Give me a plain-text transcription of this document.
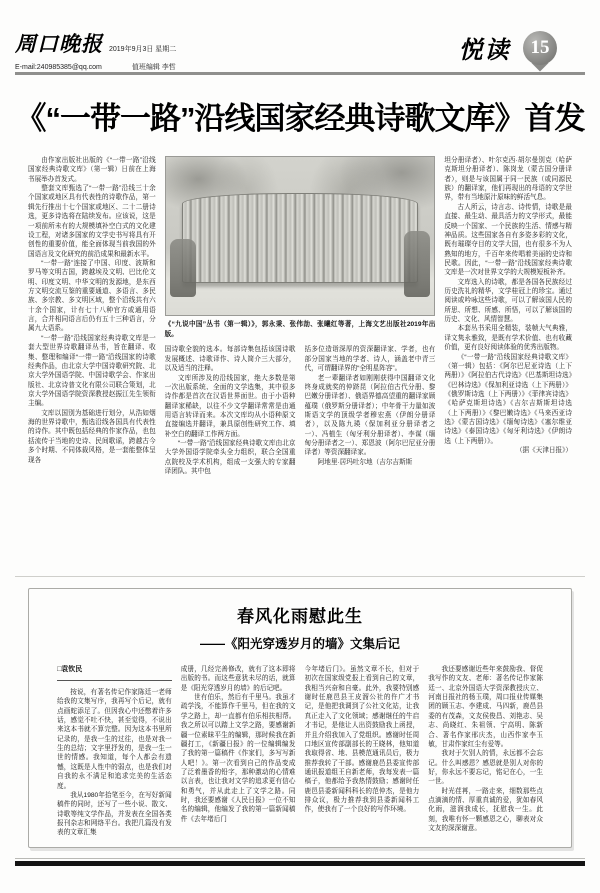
周口晚报 2019年9月3日 星期二
E-mail:240985385@qq.com	值班编辑 李哲
悦读	15
《“一带一路”沿线国家经典诗歌文库》首发

由作家出版社出版的《“一带一路”沿线国家经典诗歌文库》（第一辑）日前在上海书展举办首发式。

整套文库甄选了“一带一路”沿线三十余个国家或地区具有代表性的诗歌作品，第一辑先行推出十七个国家或地区、二十二册诗选，更多诗选将在陆续发布。应该说，这是一项前所未有的大规模填补空白式的文化建设工程，对诸多国家的文学史书写将具有开创性的重要价值，能全面体现当前我国的外国语言及文化研究的前沿成果和最新水平。

“一带一路”连接了中国、印度、波斯和罗马等文明古国，跨越埃及文明、巴比伦文明、印度文明、中华文明的发源地，是东西方文明交流互鉴的重要通道、多语言、多民族、多宗教、多文明区域，整个沿线共有六十余个国家，计有七十八种官方或通用语言，合并相同语言后仍有五十三种语言，分属九大语系。

“一带一路”沿线国家经典诗歌文库是一套大型世界诗歌翻译丛书，旨在翻译、收集、整理和编译“一带一路”沿线国家的诗歌经典作品，由北京大学中国诗歌研究院、北京大学外国语学院、中国诗歌学会、作家出版社、北京诗普文化有限公司联合策划，北京大学外国语学院资深教授赵振江先生领衔主编。

文库以国别为基础进行划分，从浩如烟海的世界诗歌中，甄选沿线各国具有代表性的诗作。其中既包括经典的作家作品，也包括流传于当地的史诗、民间歌谣，跨越古今多个时期、不同体裁风格，是一套能整体呈现各

《“九说中国”丛书（第一辑）》，郭永秉、张伟劼、张曦红等著，上海文艺出版社2019年出版。

国诗歌全貌的选本。每部诗集包括该国诗歌发展概述、诗歌译作、诗人简介三大部分，以及适当的注释。

文库所涉及的沿线国家，绝大多数是第一次出版系统、全面的文学选集，其中很多诗作都是首次在汉语世界面世。由于小语种翻译家稀缺，以往不少文学翻译常常是由通用语言转译而来。本次文库均从小语种原文直接编选并翻译，兼具原创性研究工作、填补空白的翻译工作两方面。

“一带一路”沿线国家经典诗歌文库由北京大学外国语学院牵头全力组织，联合全国重点院校及学术机构，组成一支强大的专家翻译团队。其中包

括多位造诣深厚的资深翻译家、学者，也有部分国家当地的学者、诗人，涵盖老中青三代，可谓翻译界的“全明星阵容”。

老一辈翻译者如刚刚获得中国翻译文化终身成就奖的仲跻昆（阿拉伯古代分册、黎巴嫩分册译者）、俄语界德高望重的翻译家顾蕴璞（俄罗斯分册译者）；中年骨干力量如波斯语文学的顶级学者穆宏燕（伊朗分册译者），以及陈九瑛（保加利亚分册译者之一）、冯植生（匈牙利分册译者）、李谋（缅甸分册译者之一）、郑恩波（阿尔巴尼亚分册译者）等资深翻译家。

阿地里·居玛吐尔地（吉尔吉斯斯

坦分册译者）、叶尔克西·胡尔曼别克（哈萨克斯坦分册译者）、陈岗龙（蒙古国分册译者），则是与该国属于同一民族（或同源民族）的翻译家，他们再现出的母语的文学世界，带有当地原汁原味的鲜活气息。

古人所云，诗言志、诗传情，诗歌是最直接、最生动、最具活力的文学形式，最能反映一个国家、一个民族的生活、情感与精神品质。这些国家各自有多姿多彩的文化，既有璀璨夺目的文学大国，也有很多不为人熟知的地方，千百年来传唱着美丽的史诗和民歌。因此，“一带一路”沿线国家经典诗歌文库是一次对世界文学的大规模短板补齐。

文库选入的诗歌，都是各国各民族经过历史洗礼的精华，文学桂冠上的珍宝。通过阅读或吟咏这些诗歌，可以了解该国人民的所思、所想、所感、所悟，可以了解该国的历史、文化、风情智慧。

本套丛书采用全精装，装帧大气典雅，译文隽永雅致，是既有学术价值、也有收藏价值，更有良好阅读体验的优秀出版物。

《“一带一路”沿线国家经典诗歌文库》（第一辑）包括：《阿尔巴尼亚诗选（上下两册）》《阿拉伯古代诗选》《巴基斯坦诗选》《巴林诗选》《保加利亚诗选（上下两册）》《俄罗斯诗选（上下两册）》《菲律宾诗选》《哈萨克斯坦诗选》《吉尔吉斯斯坦诗选（上下两册）》《黎巴嫩诗选》《马来西亚诗选》《蒙古国诗选》《缅甸诗选》《塞尔维亚诗选》《泰国诗选》《匈牙利诗选》《伊朗诗选（上下两册）》。

（据《天津日报》）

春风化雨慰此生
——《阳光穿透岁月的墙》文集后记
□袁钦民

按说，有著名传记作家陈廷一老师给我的文集写序，我再写个后记，就有点画蛇添足了。但因我心中还憋着许多话，感觉不吐不快，甚至觉得，不说出来这本书就不算完整。因为这本书里所记录的，是我一生的过往，也是对我一生的总结；文字里抒发的，是我一生一世的情感。我知道，每个人都会有遗憾，这既是人性中的弱点，也是我们对自我的永不满足和追求完美的生活态度。

我从1980年拾笔至今，在写好新闻稿件的同时，还写了一些小说、散文、诗歌等纯文学作品，并发表在全国各类报刊杂志和网络平台。我把几篇没有发表的文章汇集

成册，几经完善修改，就有了这本即将出版的书。而这些意犹未尽的话，就算是《阳光穿透岁月的墙》的后记吧。

世有伯乐，然后有千里马。我虽才疏学浅，不能算作千里马，但在我的文学之路上，却一直都有伯乐相扶相帮。我之所以可以踏上文学之路，要感谢新疆一位素昧平生的编辑，那时候我在新疆打工，《新疆日报》的一位编辑编发了我的第一篇稿件《作家们，多写写新人吧！》。第一次看到自己的作品变成了泛着墨香的铅字，那种激动的心情难以言表，也让我对文学的追求更有信心和勇气，并从此走上了文学之路。同时，我还要感谢《人民日报》一位不知名的编辑，他编发了我的第一篇新闻稿件《去年堵后门

今年堵后门》。虽然文章不长，但对于初次在国家级党报上看到自己的文章，我相当兴奋和自豪。此外，我要特别感谢时任鹿邑县王皮溜公社的仵广才书记，是他把我调到了公社文化站，让我真正走入了文化领域；感谢继任的牛启才书记，是他让人出资鼓励我上函授，并且介绍我加入了党组织。感谢时任周口地区宣传部副部长的王晓林，他知道我取得省、地、县模范通讯员后，极力推荐我转了干部。感谢鹿邑县委宣传部通讯报道组王自新老师，我每发表一篇稿子，他都给予我热情鼓励；感谢时任鹿邑县委新闻科科长的范仲杰，是他力排众议，极力推荐我到县委新闻科工作，使我有了一个良好的写作环境。

我还要感谢近些年来鼓励我、督促我写作的文友、老师：著名传记作家陈廷一、北京外国语大学资深教授庆立、河南日报社的杨玉璞，周口报业传媒集团的顾玉志、李建成、马四新，鹿邑县委的有茂森，文友侯俊昌、刘艳志、吴志、尚晓红、朱祖领、宁高明、陈新合、著名作家邢庆杰，山西作家李玉敏，甘肃作家红尘有爱等。

我对于欠别人的情，永远都不会忘记。什么叫感恩？感恩就是别人对你的好，你永远不要忘记，铭记在心，一生一世。

时光荏苒，一路走来，细数那些点点滴滴的情、厚重真诚的爱，犹如春风化雨，滋润我成长，抚慰我一生。此刻，我唯有怀一颗感恩之心，聊表对众文友的深深谢意。
